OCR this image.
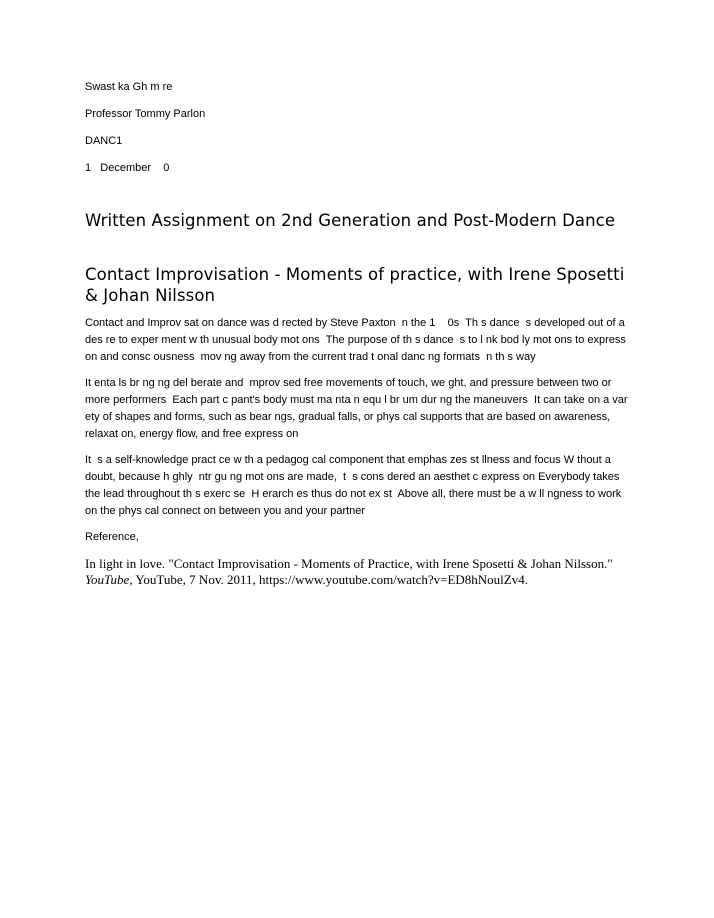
Swast ka Gh m re

Professor Tommy Parlon

DANC1

1   December    0

Written Assignment on 2nd Generation and Post-Modern Dance
Contact Improvisation - Moments of practice, with Irene Sposetti & Johan Nilsson

Contact and Improv sat on dance was d rected by Steve Paxton  n the 1    0s  Th s dance  s developed out of a des re to exper ment w th unusual body mot ons  The purpose of th s dance  s to l nk bod ly mot ons to express on and consc ousness  mov ng away from the current trad t onal danc ng formats  n th s way

It enta ls br ng ng del berate and  mprov sed free movements of touch, we ght, and pressure between two or more performers  Each part c pant's body must ma nta n equ l br um dur ng the maneuvers  It can take on a var ety of shapes and forms, such as bear ngs, gradual falls, or phys cal supports that are based on awareness, relaxat on, energy flow, and free express on

It  s a self-knowledge pract ce w th a pedagog cal component that emphas zes st llness and focus W thout a doubt, because h ghly  ntr gu ng mot ons are made,  t  s cons dered an aesthet c express on Everybody takes the lead throughout th s exerc se  H erarch es thus do not ex st  Above all, there must be a w ll ngness to work on the phys cal connect on between you and your partner

Reference,

In light in love. "Contact Improvisation - Moments of Practice, with Irene Sposetti & Johan Nilsson." YouTube, YouTube, 7 Nov. 2011, https://www.youtube.com/watch?v=ED8hNoulZv4.
